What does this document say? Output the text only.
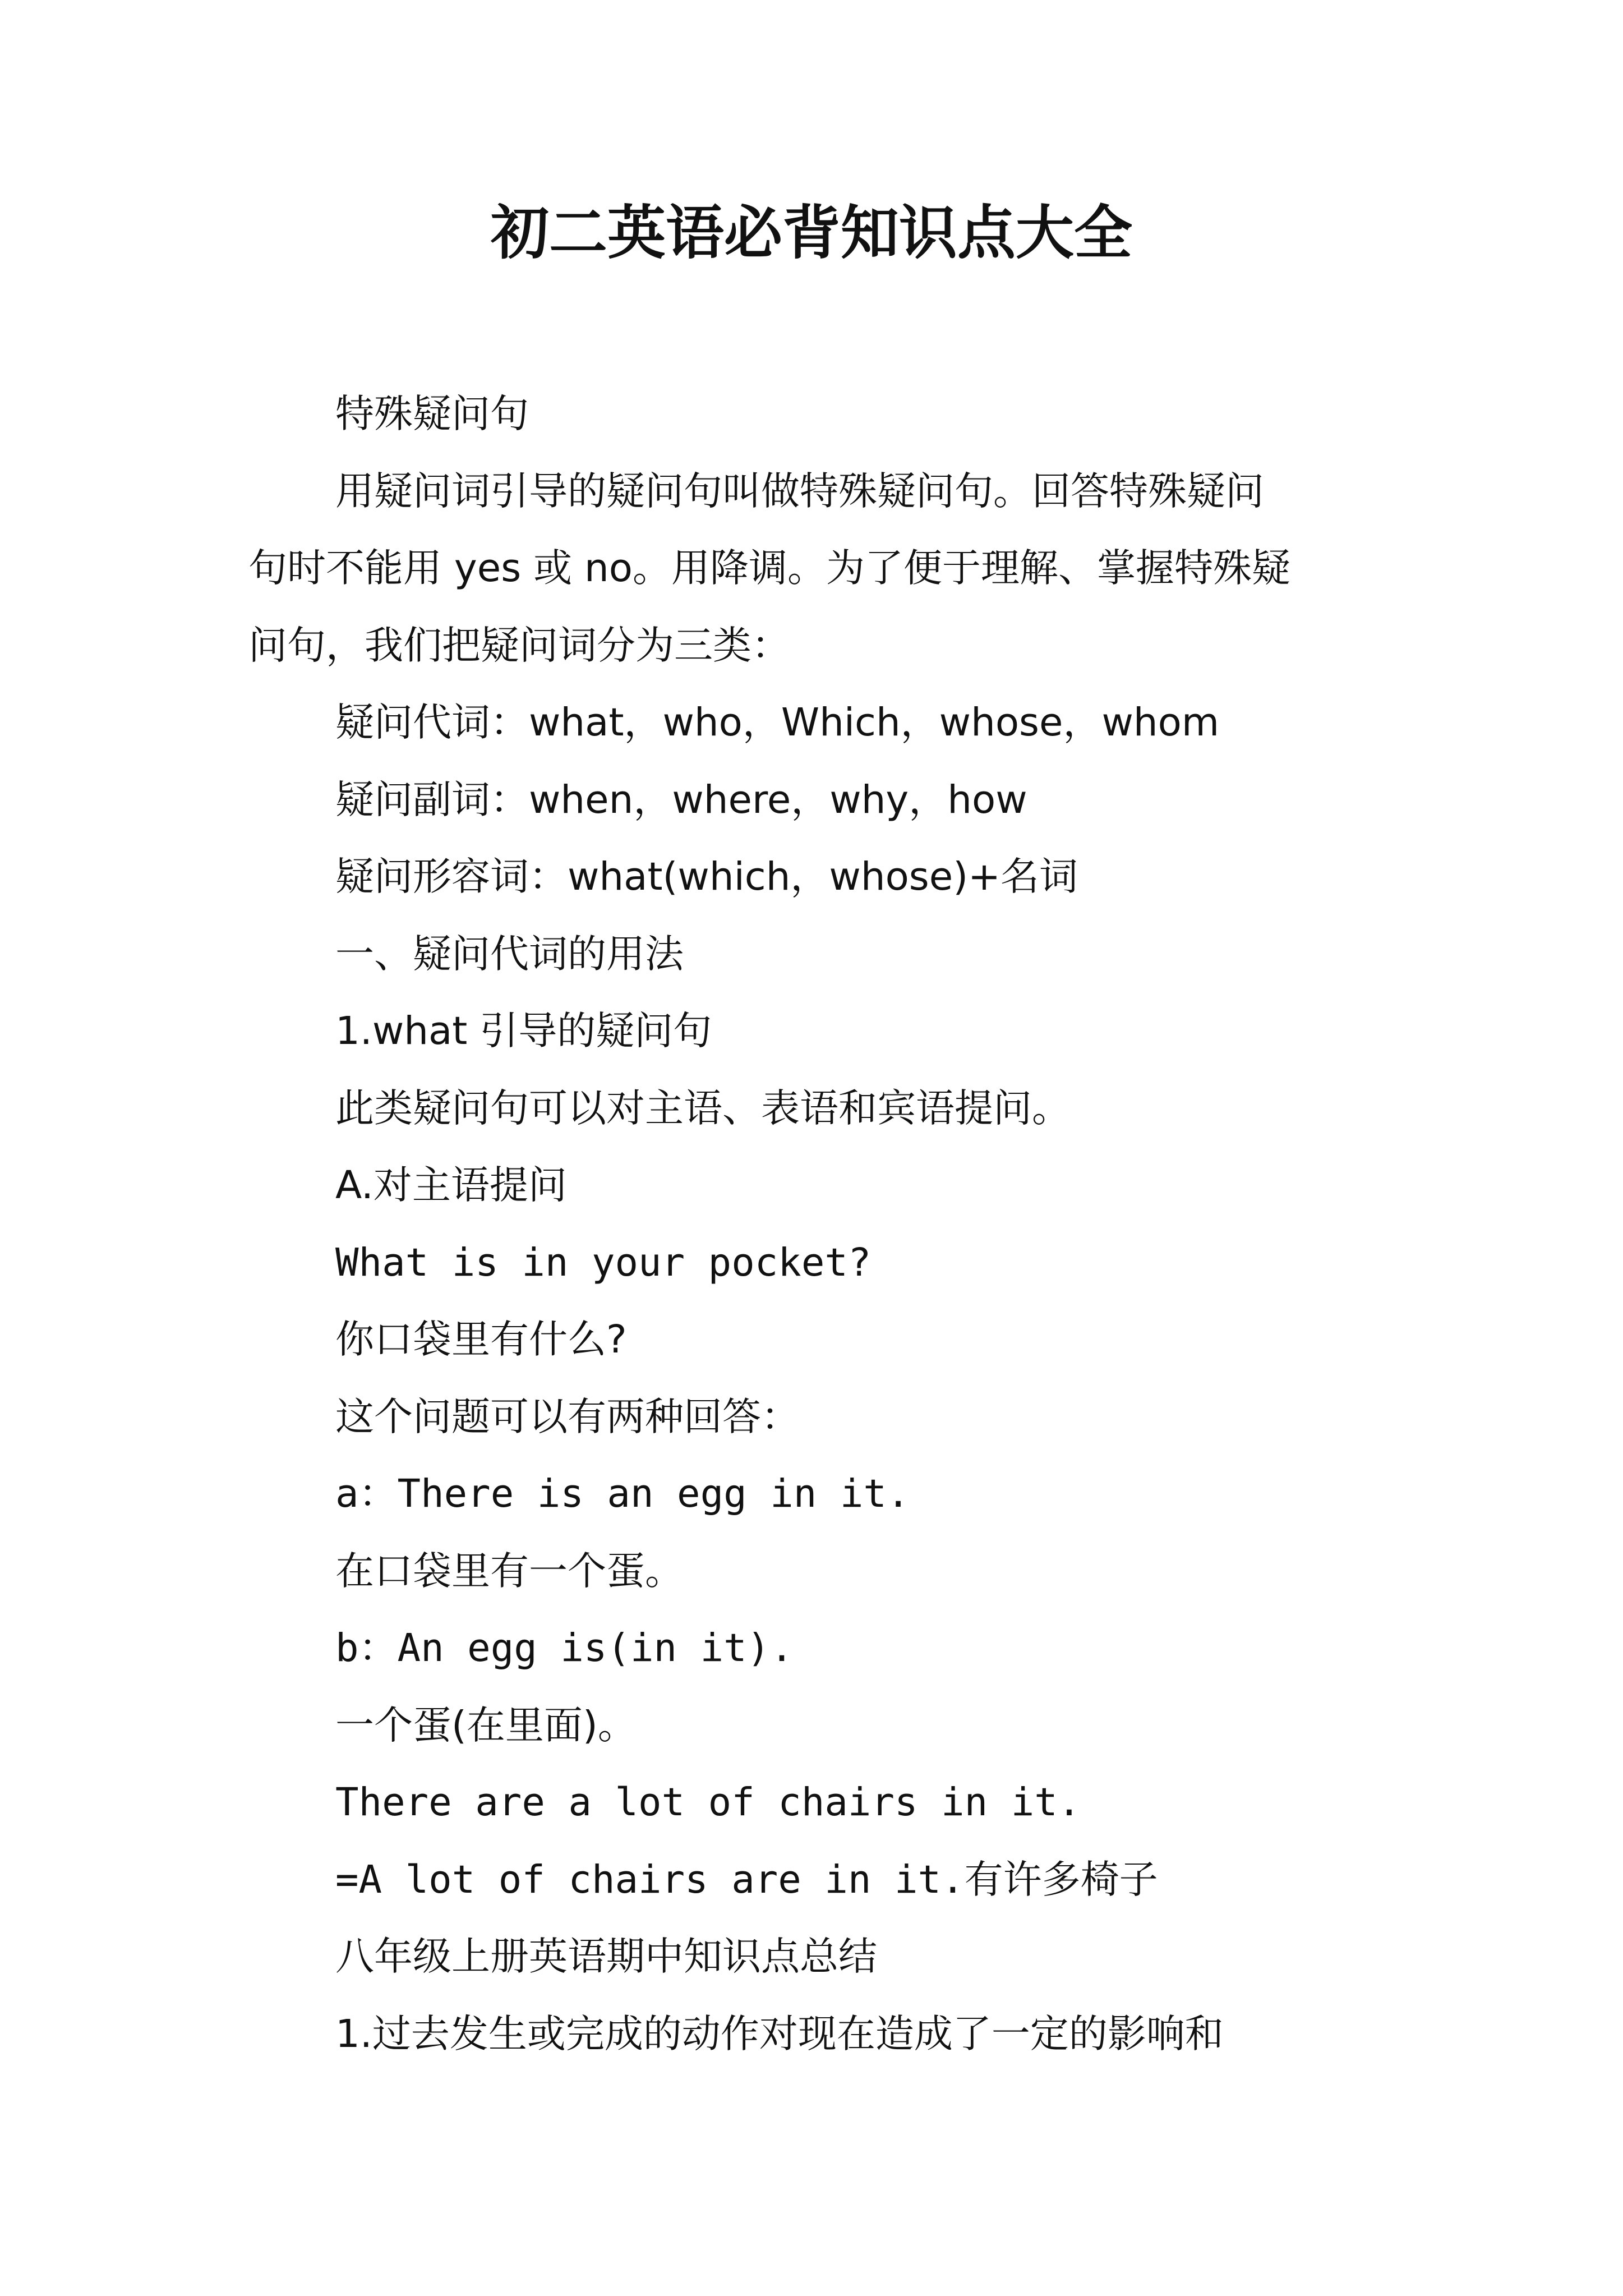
初二英语必背知识点大全

特殊疑问句

用疑问词引导的疑问句叫做特殊疑问句。回答特殊疑问

句时不能用 yes 或 no。用降调。为了便于理解、掌握特殊疑

问句，我们把疑问词分为三类：

疑问代词：what，who，Which，whose，whom

疑问副词：when，where，why，how

疑问形容词：what(which，whose)+名词

一、疑问代词的用法

1.what 引导的疑问句

此类疑问句可以对主语、表语和宾语提问。

A.对主语提问

What is in your pocket?

你口袋里有什么?

这个问题可以有两种回答：

a：There is an egg in it.

在口袋里有一个蛋。

b：An egg is(in it).

一个蛋(在里面)。

There are a lot of chairs in it.

=A lot of chairs are in it.有许多椅子

八年级上册英语期中知识点总结

1.过去发生或完成的动作对现在造成了一定的影响和
